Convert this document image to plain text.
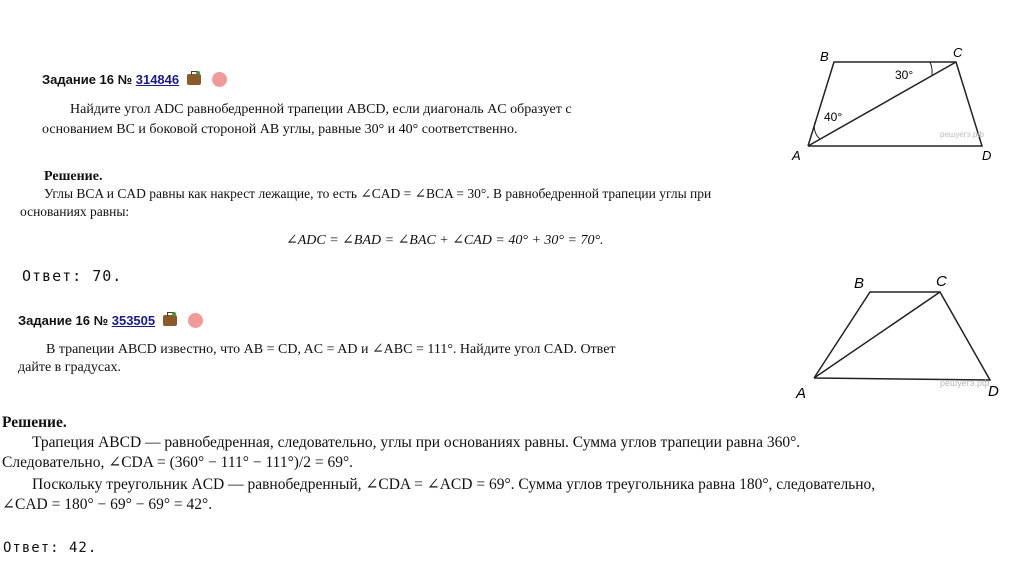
Задание 16 № 314846
Найдите угол ADC равнобедренной трапеции ABCD, если диагональ AC образует с
основанием BC и боковой стороной AB углы, равные 30° и 40° соответственно.
Решение.
Углы BCA и CAD равны как накрест лежащие, то есть ∠CAD = ∠BCA = 30°. В равнобедренной трапеции углы при
основаниях равны:
∠ADC = ∠BAD = ∠BAC + ∠CAD = 40° + 30° = 70°.
Ответ: 70.
B	C
A	D
30°
40°
решуегэ.рф
Задание 16 № 353505
В трапеции ABCD известно, что AB = CD, AC = AD и ∠ABC = 111°. Найдите угол CAD. Ответ
дайте в градусах.
Решение.
Трапеция ABCD — равнобедренная, следовательно, углы при основаниях равны. Сумма углов трапеции равна 360°.
Следовательно, ∠CDA = (360° − 111° − 111°)/2 = 69°.
Поскольку треугольник ACD — равнобедренный, ∠CDA = ∠ACD = 69°. Сумма углов треугольника равна 180°, следовательно,
∠CAD = 180° − 69° − 69° = 42°.
Ответ: 42.
B	C
A	D
решуегэ.рф
